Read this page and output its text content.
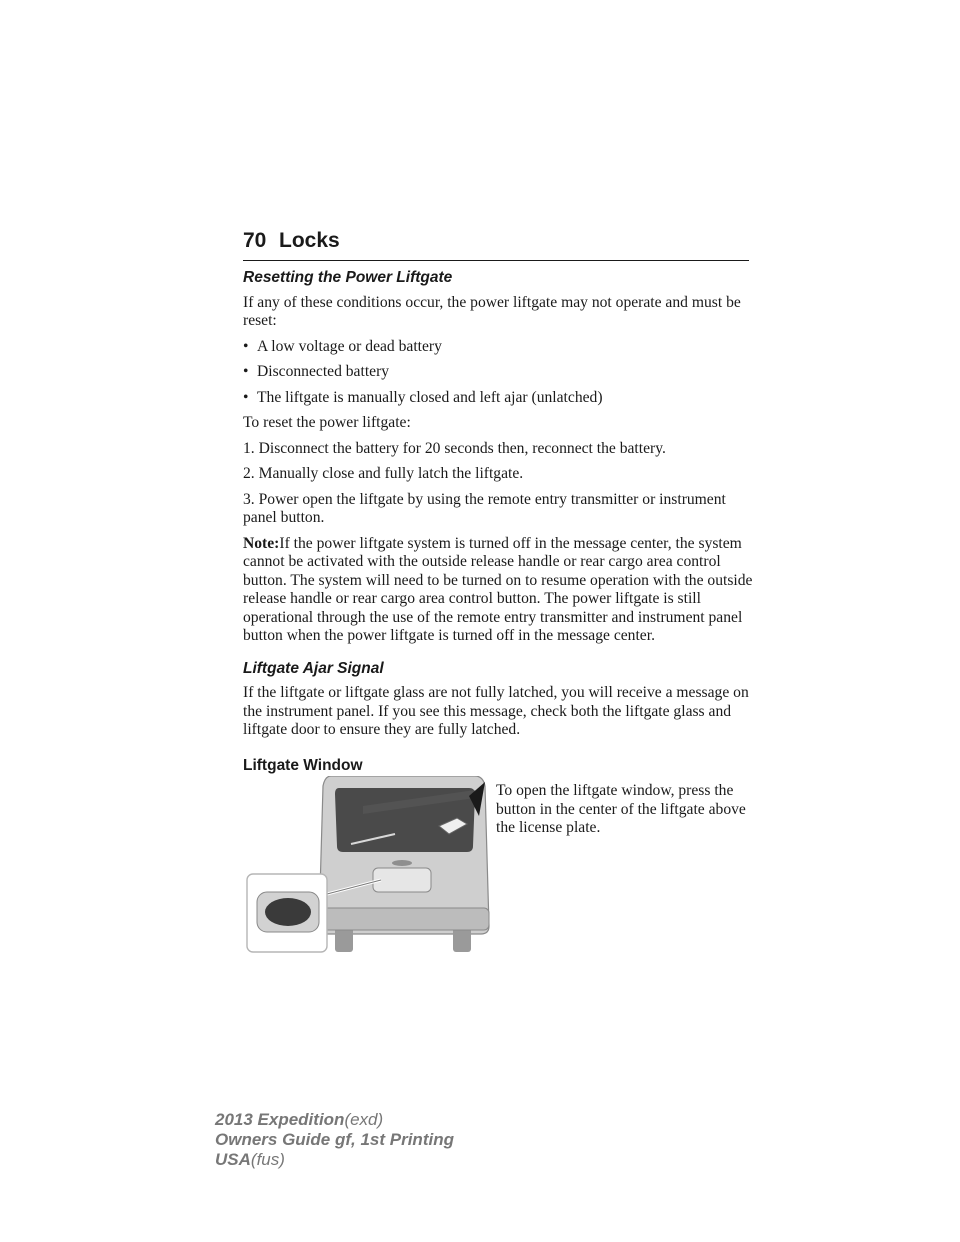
70 Locks
Resetting the Power Liftgate

If any of these conditions occur, the power liftgate may not operate and must be reset:

• A low voltage or dead battery
• Disconnected battery
• The liftgate is manually closed and left ajar (unlatched)

To reset the power liftgate:

1. Disconnect the battery for 20 seconds then, reconnect the battery.

2. Manually close and fully latch the liftgate.

3. Power open the liftgate by using the remote entry transmitter or instrument panel button.

Note:If the power liftgate system is turned off in the message center, the system cannot be activated with the outside release handle or rear cargo area control button. The system will need to be turned on to resume operation with the outside release handle or rear cargo area control button. The power liftgate is still operational through the use of the remote entry transmitter and instrument panel button when the power liftgate is turned off in the message center.

Liftgate Ajar Signal

If the liftgate or liftgate glass are not fully latched, you will receive a message on the instrument panel. If you see this message, check both the liftgate glass and liftgate door to ensure they are fully latched.

Liftgate Window

To open the liftgate window, press the button in the center of the liftgate above the license plate.

2013 Expedition(exd)
Owners Guide gf, 1st Printing
USA(fus)
